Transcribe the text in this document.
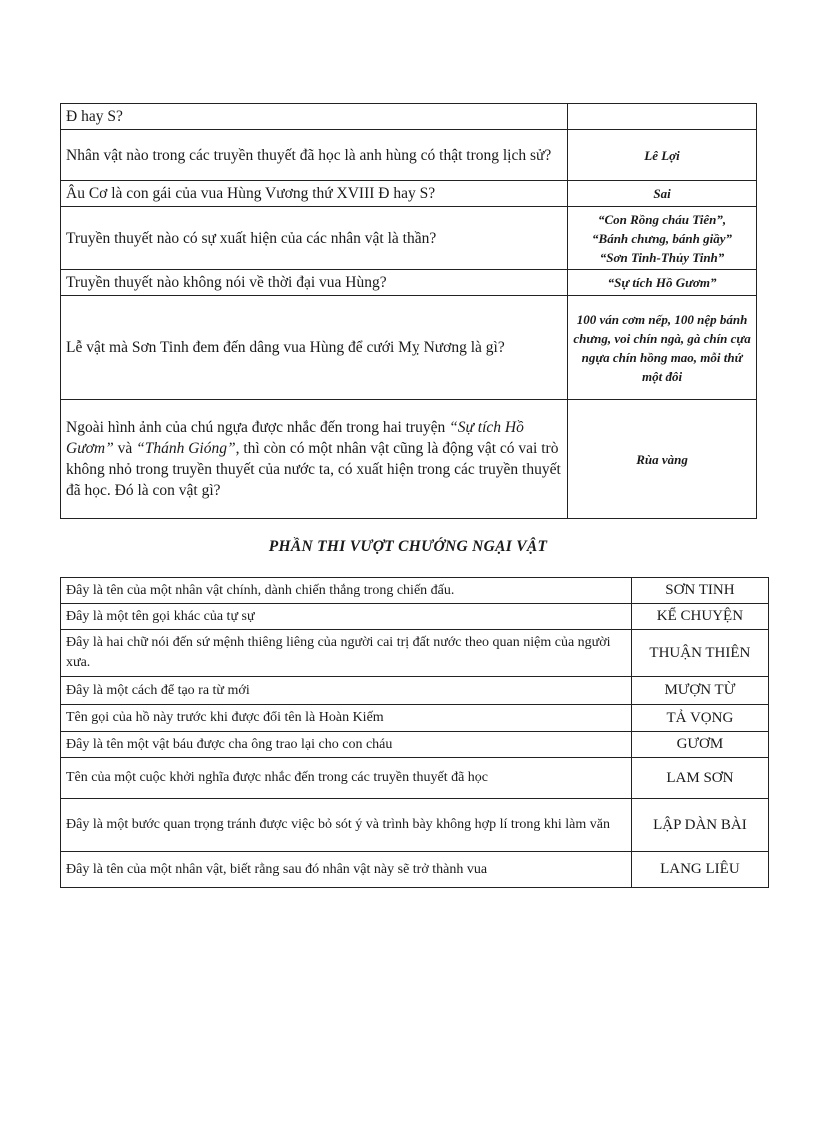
Đ hay S?	
Nhân vật nào trong các truyền thuyết đã học là anh hùng có thật trong lịch sử?	Lê Lợi

Âu Cơ là con gái của vua Hùng Vương thứ XVIII Đ hay S?	Sai

Truyền thuyết nào có sự xuất hiện của các nhân vật là thần?	“Con Rồng cháu Tiên”,
“Bánh chưng, bánh giầy”
“Sơn Tinh-Thủy Tinh”

Truyền thuyết nào không nói về thời đại vua Hùng?	“Sự tích Hồ Gươm”

Lễ vật mà Sơn Tinh đem đến dâng vua Hùng để cưới Mỵ Nương là gì?	100 ván cơm nếp, 100 nệp bánh chưng, voi chín ngà, gà chín cựa ngựa chín hồng mao, mỗi thứ một đôi

Ngoài hình ảnh của chú ngựa được nhắc đến trong hai truyện “Sự tích Hồ Gươm” và “Thánh Gióng”, thì còn có một nhân vật cũng là động vật có vai trò không nhỏ trong truyền thuyết của nước ta, có xuất hiện trong các truyền thuyết đã học. Đó là con vật gì?	Rùa vàng
PHẦN THI VƯỢT CHƯỚNG NGẠI VẬT
Đây là tên của một nhân vật chính, dành chiến thắng trong chiến đấu.	SƠN TINH
Đây là một tên gọi khác của tự sự	KỂ CHUYỆN
Đây là hai chữ nói đến sứ mệnh thiêng liêng của người cai trị đất nước theo quan niệm của người xưa.	THUẬN THIÊN
Đây là một cách để tạo ra từ mới	MƯỢN TỪ
Tên gọi của hồ này trước khi được đổi tên là Hoàn Kiếm	TẢ VỌNG
Đây là tên một vật báu được cha ông trao lại cho con cháu	GƯƠM
Tên của một cuộc khởi nghĩa được nhắc đến trong các truyền thuyết đã học	LAM SƠN
Đây là một bước quan trọng tránh được việc bỏ sót ý và trình bày không hợp lí trong khi làm văn	LẬP DÀN BÀI
Đây là tên của một nhân vật, biết rằng sau đó nhân vật này sẽ trở thành vua	LANG LIÊU
